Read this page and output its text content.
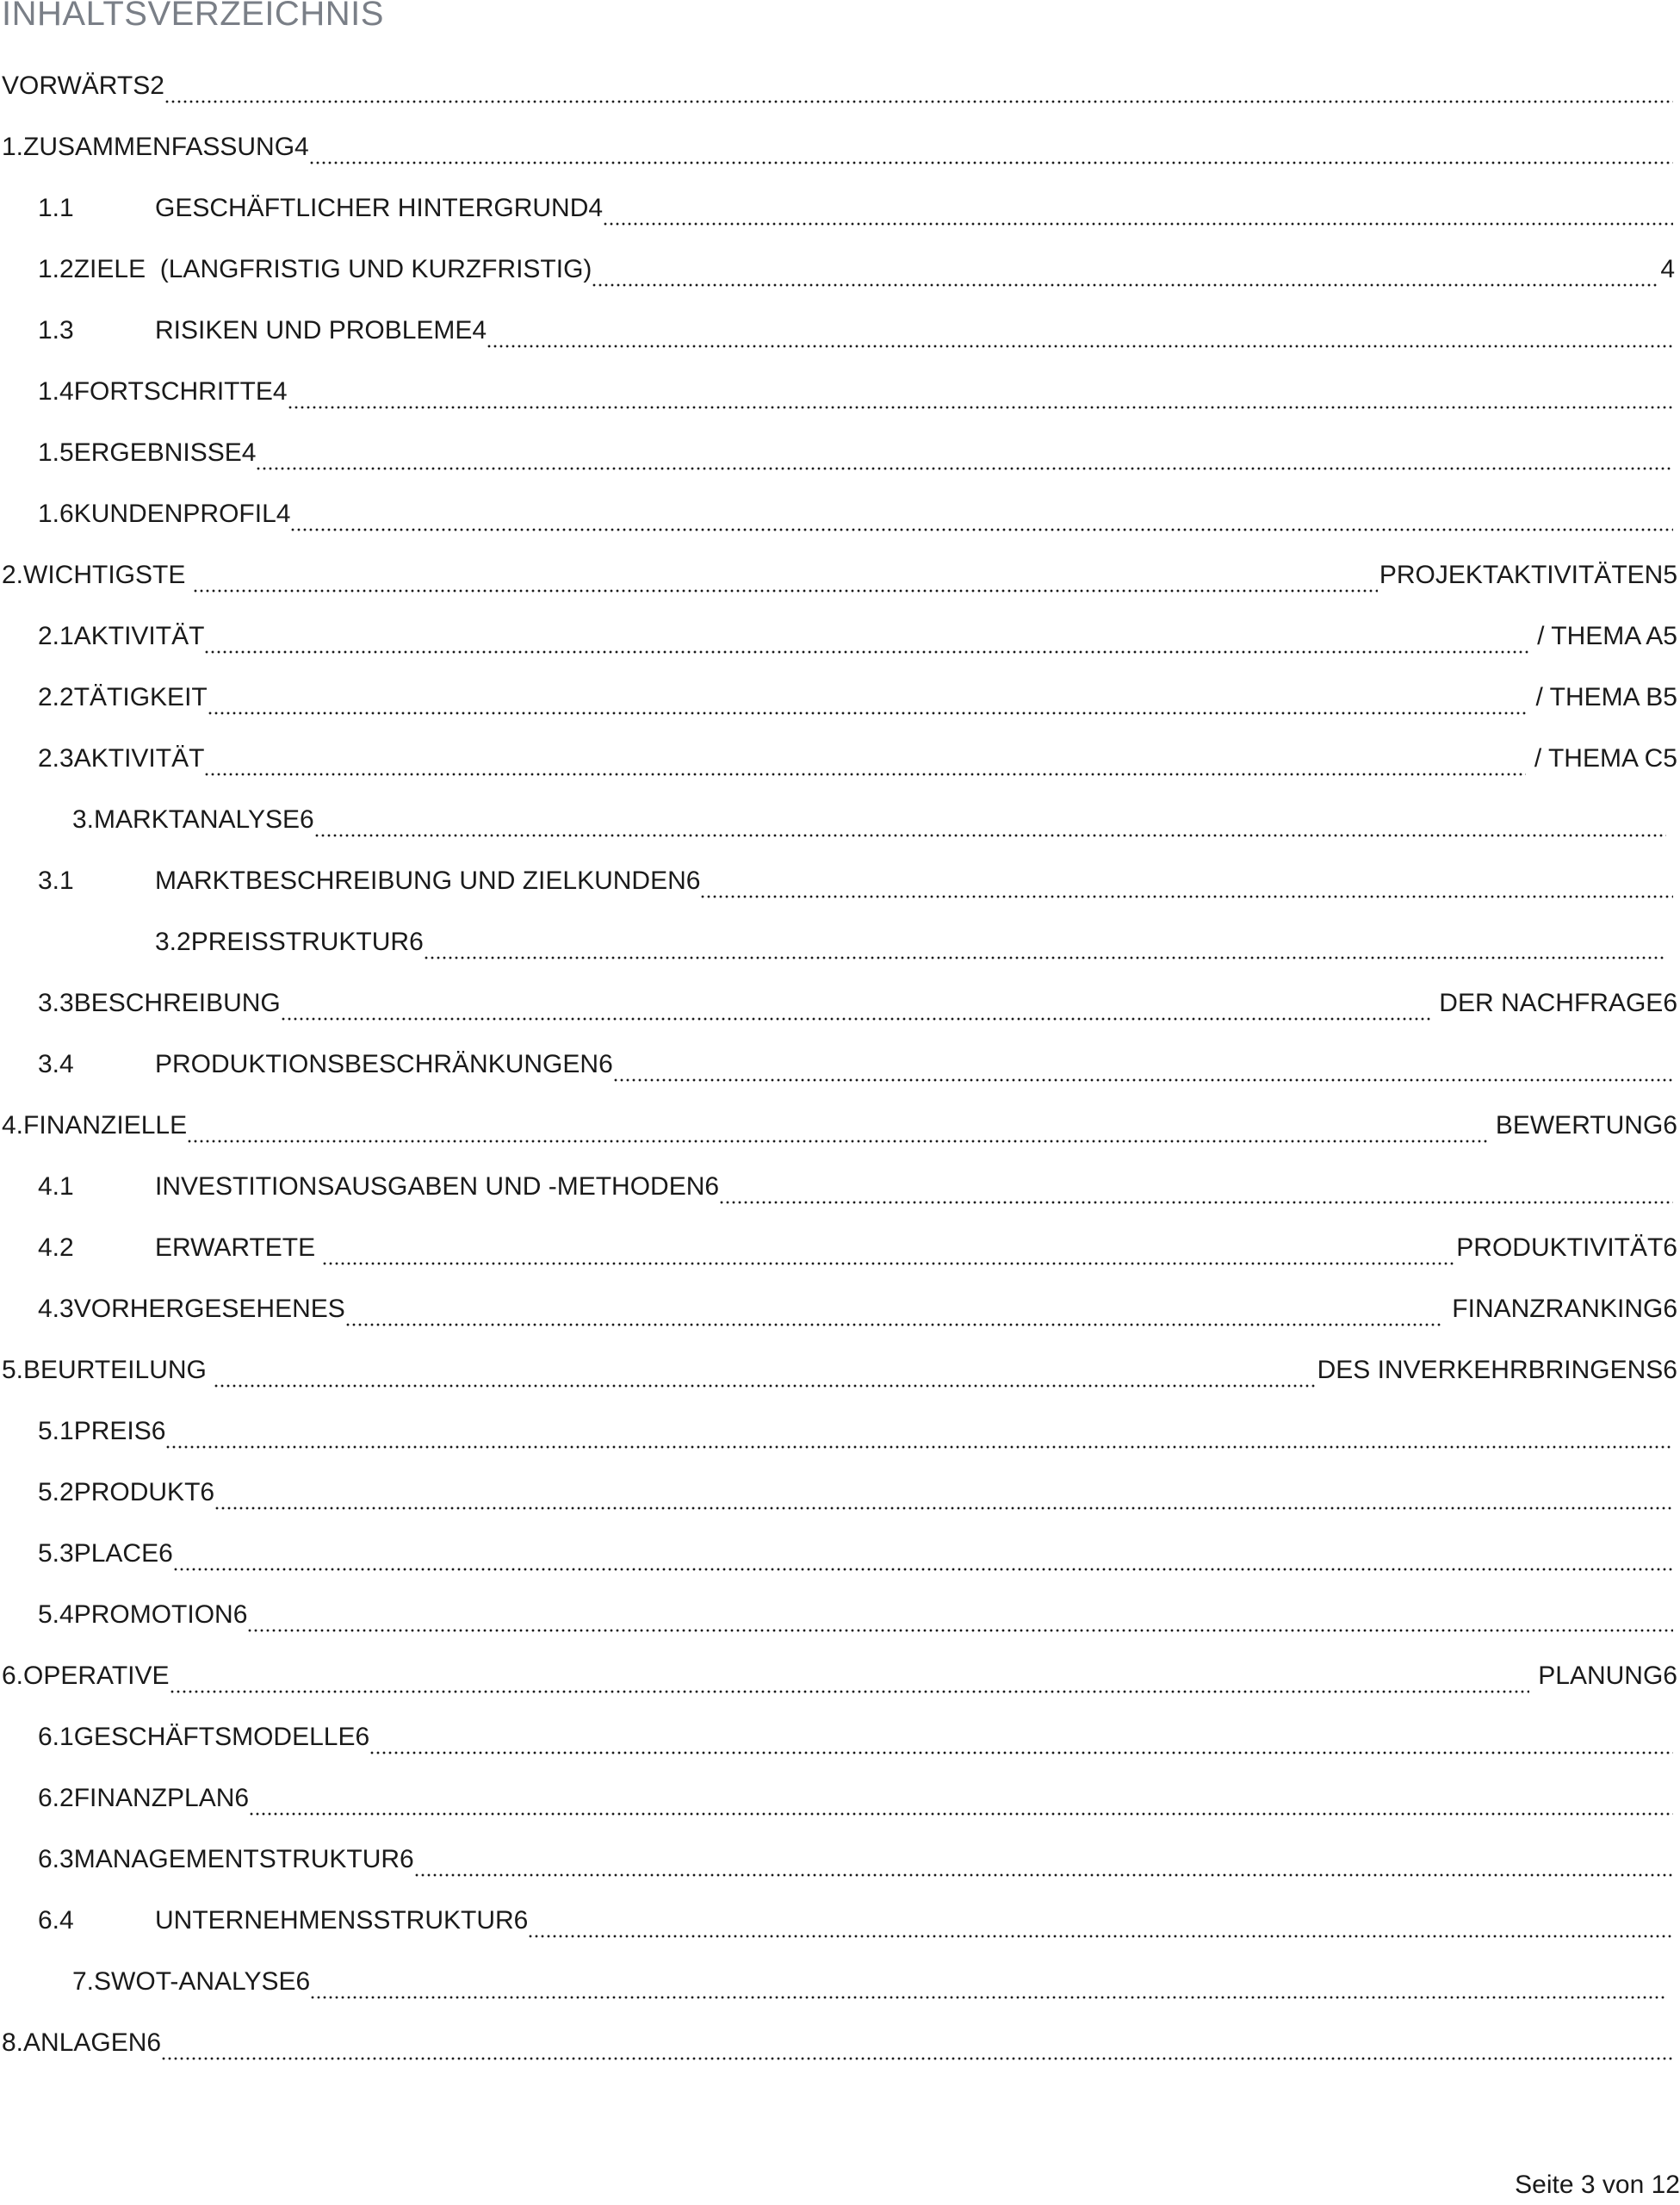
INHALTSVERZEICHNIS
VORWÄRTS2
1. ZUSAMMENFASSUNG4
1.1	GESCHÄFTLICHER HINTERGRUND4
1.2 ZIELE  (LANGFRISTIG UND KURZFRISTIG)	4
1.3	RISIKEN UND PROBLEME4
1.4 FORTSCHRITTE4
1.5 ERGEBNISSE4
1.6 KUNDENPROFIL4
2. WICHTIGSTE	PROJEKTAKTIVITÄTEN5
2.1 AKTIVITÄT	/ THEMA A5
2.2 TÄTIGKEIT	/ THEMA B5
2.3 AKTIVITÄT	/ THEMA C5
3. MARKTANALYSE6
3.1	MARKTBESCHREIBUNG UND ZIELKUNDEN6
3.2 PREISSTRUKTUR6
3.3 BESCHREIBUNG	DER NACHFRAGE6
3.4	PRODUKTIONSBESCHRÄNKUNGEN6
4. FINANZIELLE	BEWERTUNG6
4.1	INVESTITIONSAUSGABEN UND -METHODEN6
4.2	ERWARTETE	PRODUKTIVITÄT6
4.3 VORHERGESEHENES	FINANZRANKING6
5. BEURTEILUNG	DES INVERKEHRBRINGENS6
5.1 PREIS6
5.2 PRODUKT6
5.3 PLACE6
5.4 PROMOTION6
6. OPERATIVE	PLANUNG6
6.1 GESCHÄFTSMODELLE6
6.2 FINANZPLAN6
6.3 MANAGEMENTSTRUKTUR6
6.4	UNTERNEHMENSSTRUKTUR6
7. SWOT-ANALYSE6
8. ANLAGEN6
Seite 3 von 12
